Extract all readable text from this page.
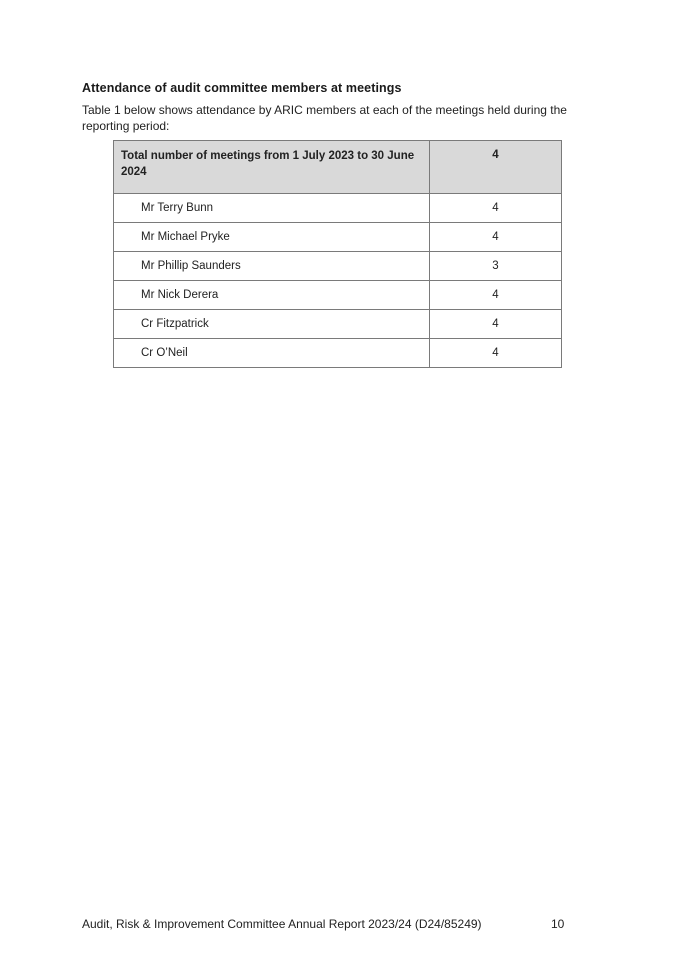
Attendance of audit committee members at meetings

Table 1 below shows attendance by ARIC members at each of the meetings held during the reporting period:

Total number of meetings from 1 July 2023 to 30 June 2024	4
Mr Terry Bunn	4
Mr Michael Pryke	4
Mr Phillip Saunders	3
Mr Nick Derera	4
Cr Fitzpatrick	4
Cr O’Neil	4

Audit, Risk & Improvement Committee Annual Report 2023/24 (D24/85249)	10
